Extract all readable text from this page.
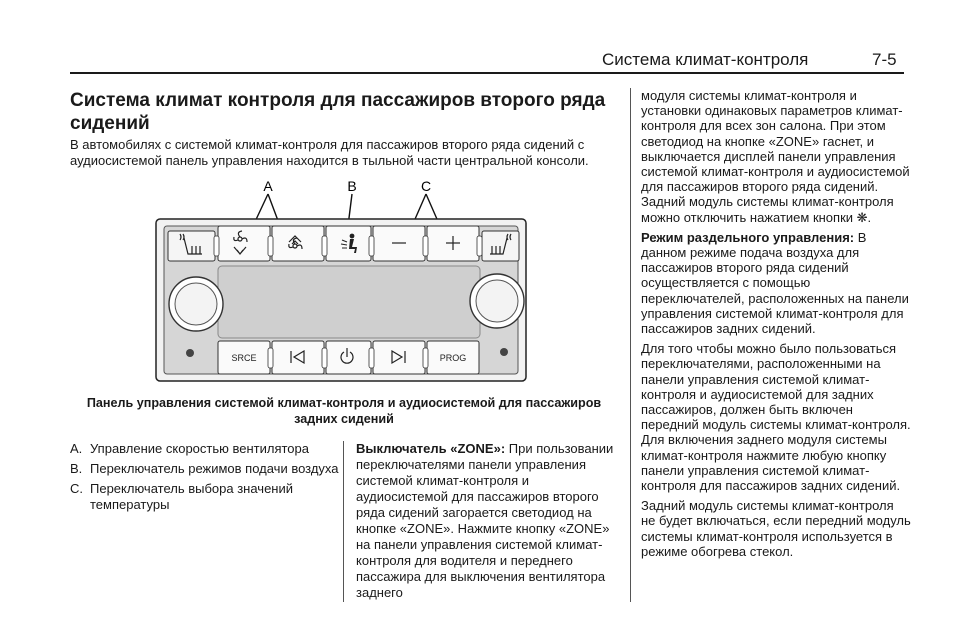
Система климат-контроля	7-5
Система климат контроля для пассажиров второго ряда сидений
В автомобилях с системой климат-контроля для пассажиров второго ряда сидений с аудиосистемой панель управления находится в тыльной части центральной консоли.
A	B	C
SRCE	PROG
Панель управления системой климат-контроля и аудиосистемой для пассажиров задних сидений
A. Управление скоростью вентилятора
B. Переключатель режимов подачи воздуха
C. Переключатель выбора значений температуры
Выключатель «ZONE»: При пользовании переключателями панели управления системой климат-контроля и аудиосистемой для пассажиров второго ряда сидений загорается светодиод на кнопке «ZONE». Нажмите кнопку «ZONE» на панели управления системой климат-контроля для водителя и переднего пассажира для выключения вентилятора заднего

модуля системы климат-контроля и установки одинаковых параметров климат-контроля для всех зон салона. При этом светодиод на кнопке «ZONE» гаснет, и выключается дисплей панели управления системой климат-контроля и аудиосистемой для пассажиров второго ряда сидений. Задний модуль системы климат-контроля можно отключить нажатием кнопки ❋.

Режим раздельного управления: В данном режиме подача воздуха для пассажиров второго ряда сидений осуществляется с помощью переключателей, расположенных на панели управления системой климат-контроля для пассажиров задних сидений.

Для того чтобы можно было пользоваться переключателями, расположенными на панели управления системой климат-контроля и аудиосистемой для задних пассажиров, должен быть включен передний модуль системы климат-контроля. Для включения заднего модуля системы климат-контроля нажмите любую кнопку панели управления системой климат-контроля для пассажиров задних сидений.

Задний модуль системы климат-контроля не будет включаться, если передний модуль системы климат-контроля используется в режиме обогрева стекол.
